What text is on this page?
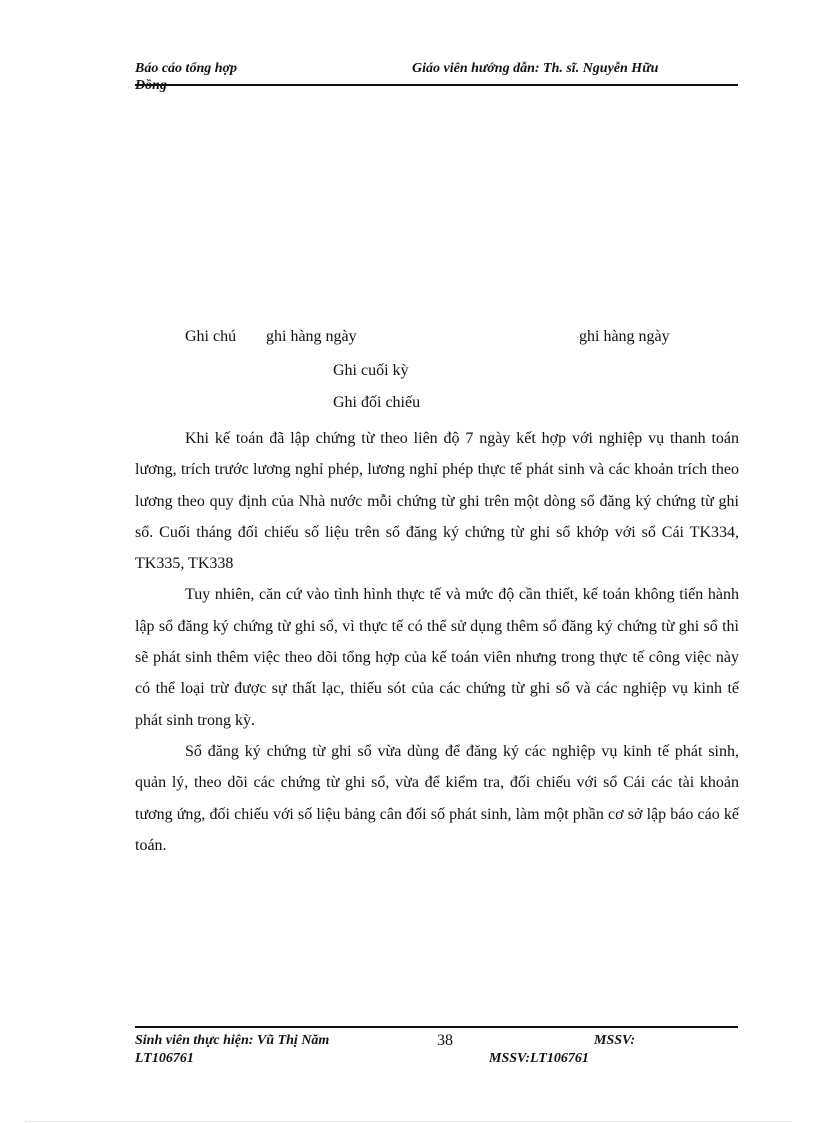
Báo cáo tổng hợp	Giáo viên hướng dẫn: Th. sĩ. Nguyễn Hữu
Ghi chú ghi hàng ngày	ghi hàng ngày
Ghi cuối kỳ
Ghi đối chiếu

Khi kế toán đã lập chứng từ theo liên độ 7 ngày kết hợp với nghiệp vụ thanh toán lương, trích trước lương nghỉ phép, lương nghỉ phép thực tế phát sinh và các khoản trích theo lương theo quy định của Nhà nước mỗi chứng từ ghi trên một dòng sổ đăng ký chứng từ ghi sổ. Cuối tháng đối chiếu số liệu trên sổ đăng ký chứng từ ghi sổ khớp với sổ Cái TK334, TK335, TK338

Tuy nhiên, căn cứ vào tình hình thực tế và mức độ cần thiết, kế toán không tiến hành lập sổ đăng ký chứng từ ghi sổ, vì thực tế có thể sử dụng thêm sổ đăng ký chứng từ ghi sổ thì sẽ phát sinh thêm việc theo dõi tổng hợp của kế toán viên nhưng trong thực tế công việc này có thể loại trừ được sự thất lạc, thiếu sót của các chứng từ ghi sổ và các nghiệp vụ kinh tế phát sinh trong kỳ.

Sổ đăng ký chứng từ ghi sổ vừa dùng để đăng ký các nghiệp vụ kinh tế phát sinh, quản lý, theo dõi các chứng từ ghi sổ, vừa để kiểm tra, đối chiếu với sổ Cái các tài khoản tương ứng, đối chiếu với số liệu bảng cân đối số phát sinh, làm một phần cơ sở lập báo cáo kế toán.

Sinh viên thực hiện: Vũ Thị Năm	38	MSSV:
LT106761	MSSV:LT106761
